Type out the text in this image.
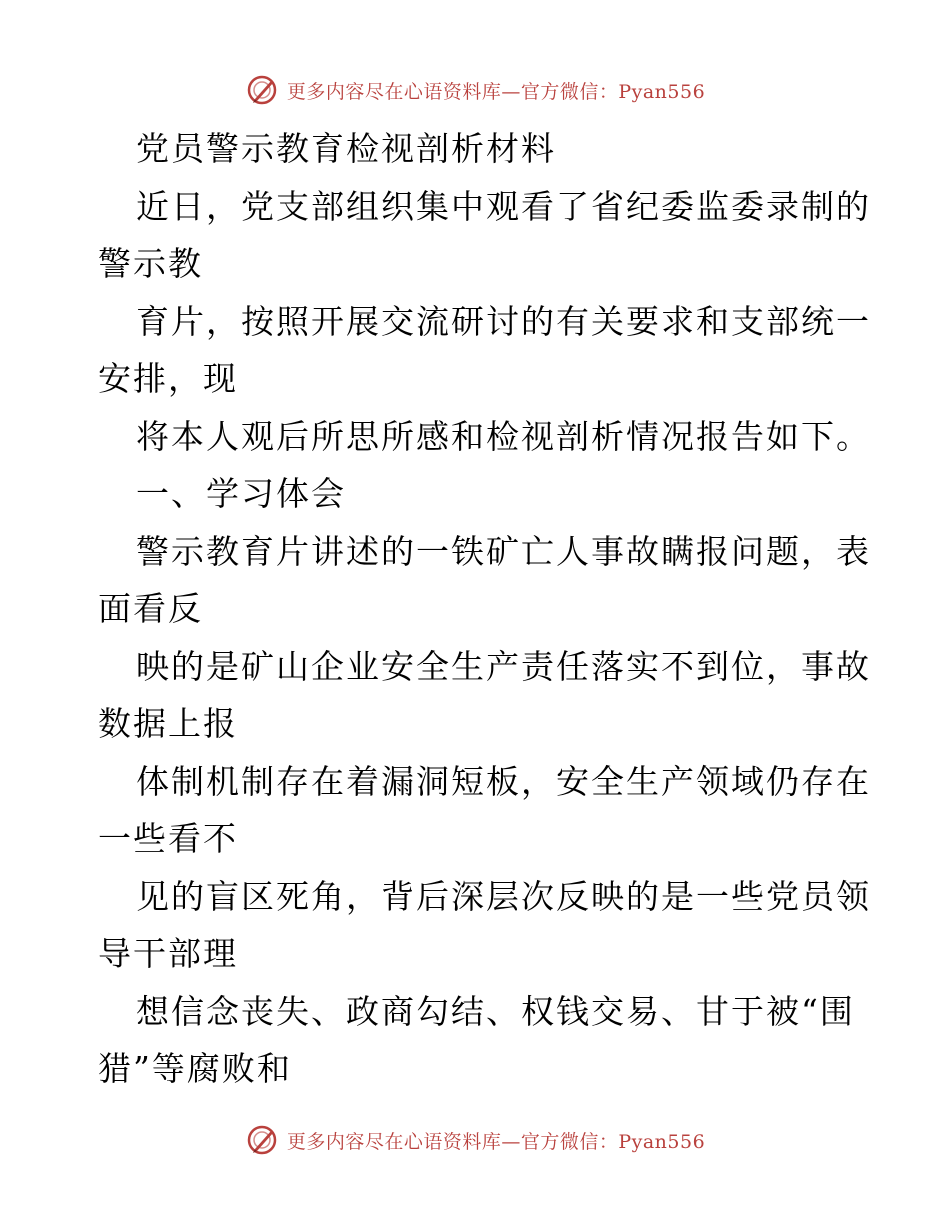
更多内容尽在心语资料库—官方微信：Pyan556
党员警示教育检视剖析材料
近日，党支部组织集中观看了省纪委监委录制的
警示教
育片，按照开展交流研讨的有关要求和支部统一
安排，现
将本人观后所思所感和检视剖析情况报告如下。
一、学习体会
警示教育片讲述的一铁矿亡人事故瞒报问题，表
面看反
映的是矿山企业安全生产责任落实不到位，事故
数据上报
体制机制存在着漏洞短板，安全生产领域仍存在
一些看不
见的盲区死角，背后深层次反映的是一些党员领
导干部理
想信念丧失、政商勾结、权钱交易、甘于被“围
猎”等腐败和
更多内容尽在心语资料库—官方微信：Pyan556
